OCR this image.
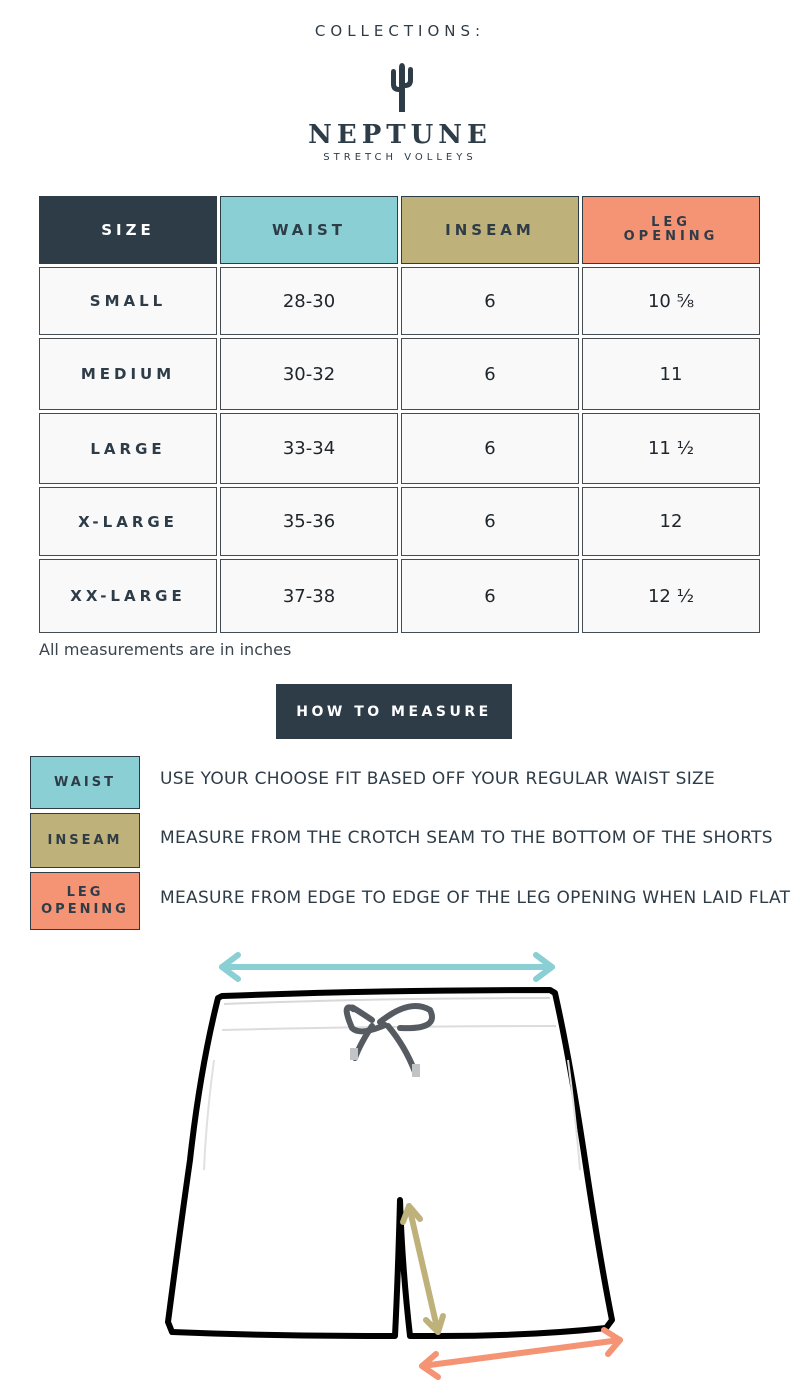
COLLECTIONS:
NEPTUNE
STRETCH VOLLEYS
SIZE	WAIST	INSEAM	LEG
OPENING
SMALL	28-30	6	10 ⅝
MEDIUM	30-32	6	11
LARGE	33-34	6	11 ½
X-LARGE	35-36	6	12
XX-LARGE	37-38	6	12 ½
All measurements are in inches
HOW TO MEASURE
WAIST	USE YOUR CHOOSE FIT BASED OFF YOUR REGULAR WAIST SIZE
INSEAM MEASURE FROM THE CROTCH SEAM TO THE BOTTOM OF THE SHORTS
LEG
OPENING
MEASURE FROM EDGE TO EDGE OF THE LEG OPENING WHEN LAID FLAT
